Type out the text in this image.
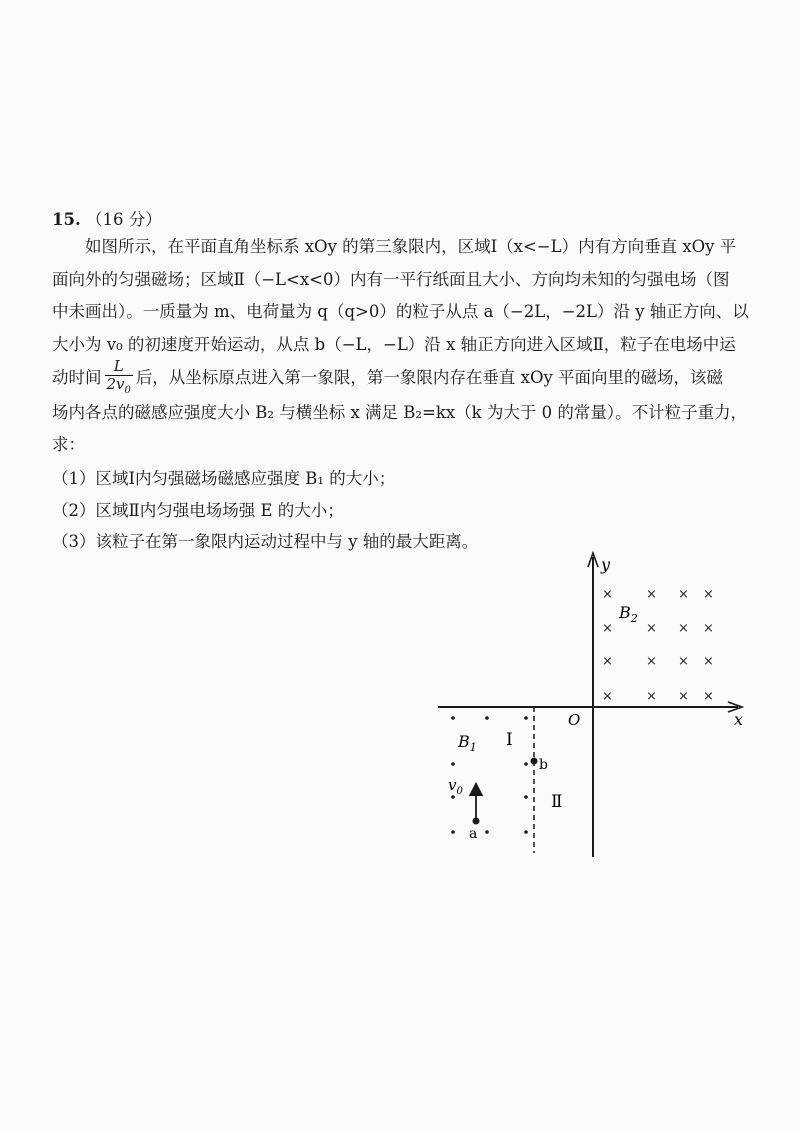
15. （16 分）
如图所示，在平面直角坐标系 xOy 的第三象限内，区域Ⅰ（x<−L）内有方向垂直 xOy 平
面向外的匀强磁场；区域Ⅱ（−L<x<0）内有一平行纸面且大小、方向均未知的匀强电场（图
中未画出）。一质量为 m、电荷量为 q（q>0）的粒子从点 a（−2L，−2L）沿 y 轴正方向、以
大小为 v₀ 的初速度开始运动，从点 b（−L，−L）沿 x 轴正方向进入区域Ⅱ，粒子在电场中运
动时间 $\frac{L}{2v_0}$ 后，从坐标原点进入第一象限，第一象限内存在垂直 xOy 平面向里的磁场，该磁
场内各点的磁感应强度大小 B₂ 与横坐标 x 满足 B₂=kx（k 为大于 0 的常量）。不计粒子重力，
求：
（1）区域Ⅰ内匀强磁场磁感应强度 B₁ 的大小；
（2）区域Ⅱ内匀强电场场强 E 的大小；
（3）该粒子在第一象限内运动过程中与 y 轴的最大距离。
y
x
O
×	× × ×
×	× × ×
×	× × ×
×	× × ×
$B_2$
$B_1$ Ⅰ
Ⅱ
b
a
$v_0$
